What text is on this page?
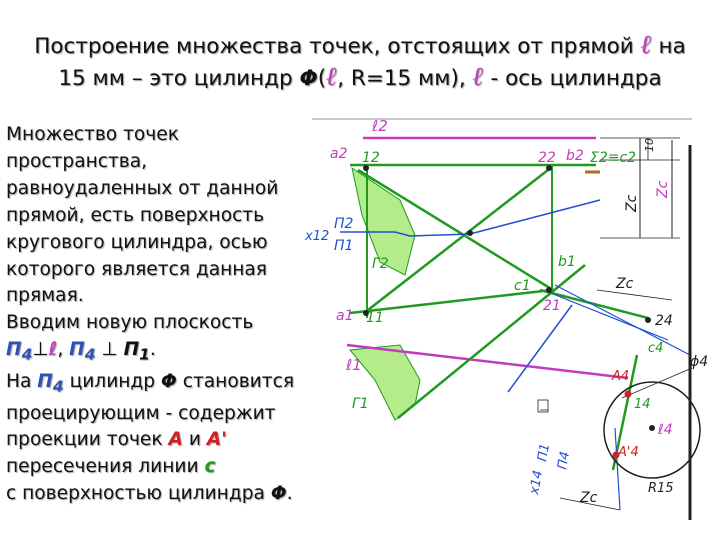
Построение множества точек, отстоящих от прямой ℓ на
15 мм – это цилиндр Φ(ℓ, R=15 мм), ℓ - ось цилиндра
Множество точек
пространства,
равноудаленных от данной
прямой, есть поверхность
кругового цилиндра, осью
которого является данная
прямая.
Вводим новую плоскость
$П_4\perp\ell$, $П_4$ ⊥ $П_1$.
На $П_4$ цилиндр Φ становится
проецирующим - содержит
проекции точек A и A'
пересечения линии c
с поверхностью цилиндра Φ.
ℓ2
a2 12	22 b2 Σ2≡c2
10
Zc
Zc
x12
П2
П1
Γ2	b1
c1
21
Zc
a1 11	24
c4
ϕ4
ℓ1
A4
14
Γ1
ℓ4
A'4
x14
П1 П4
Zc
R15
